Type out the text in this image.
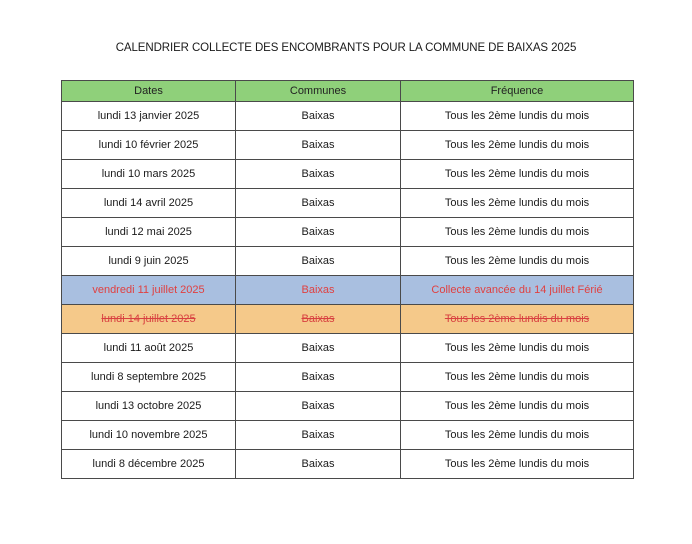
CALENDRIER COLLECTE DES ENCOMBRANTS POUR LA COMMUNE DE BAIXAS 2025
Dates	Communes	Fréquence
lundi 13 janvier 2025	Baixas	Tous les 2ème lundis du mois
lundi 10 février 2025	Baixas	Tous les 2ème lundis du mois
lundi 10 mars 2025	Baixas	Tous les 2ème lundis du mois
lundi 14 avril 2025	Baixas	Tous les 2ème lundis du mois
lundi 12 mai 2025	Baixas	Tous les 2ème lundis du mois
lundi 9 juin 2025	Baixas	Tous les 2ème lundis du mois
vendredi 11 juillet 2025	Baixas	Collecte avancée du 14 juillet Férié
lundi 14 juillet 2025	Baixas	Tous les 2ème lundis du mois
lundi 11 août 2025	Baixas	Tous les 2ème lundis du mois
lundi 8 septembre 2025	Baixas	Tous les 2ème lundis du mois
lundi 13 octobre 2025	Baixas	Tous les 2ème lundis du mois
lundi 10 novembre 2025	Baixas	Tous les 2ème lundis du mois
lundi 8 décembre 2025	Baixas	Tous les 2ème lundis du mois
